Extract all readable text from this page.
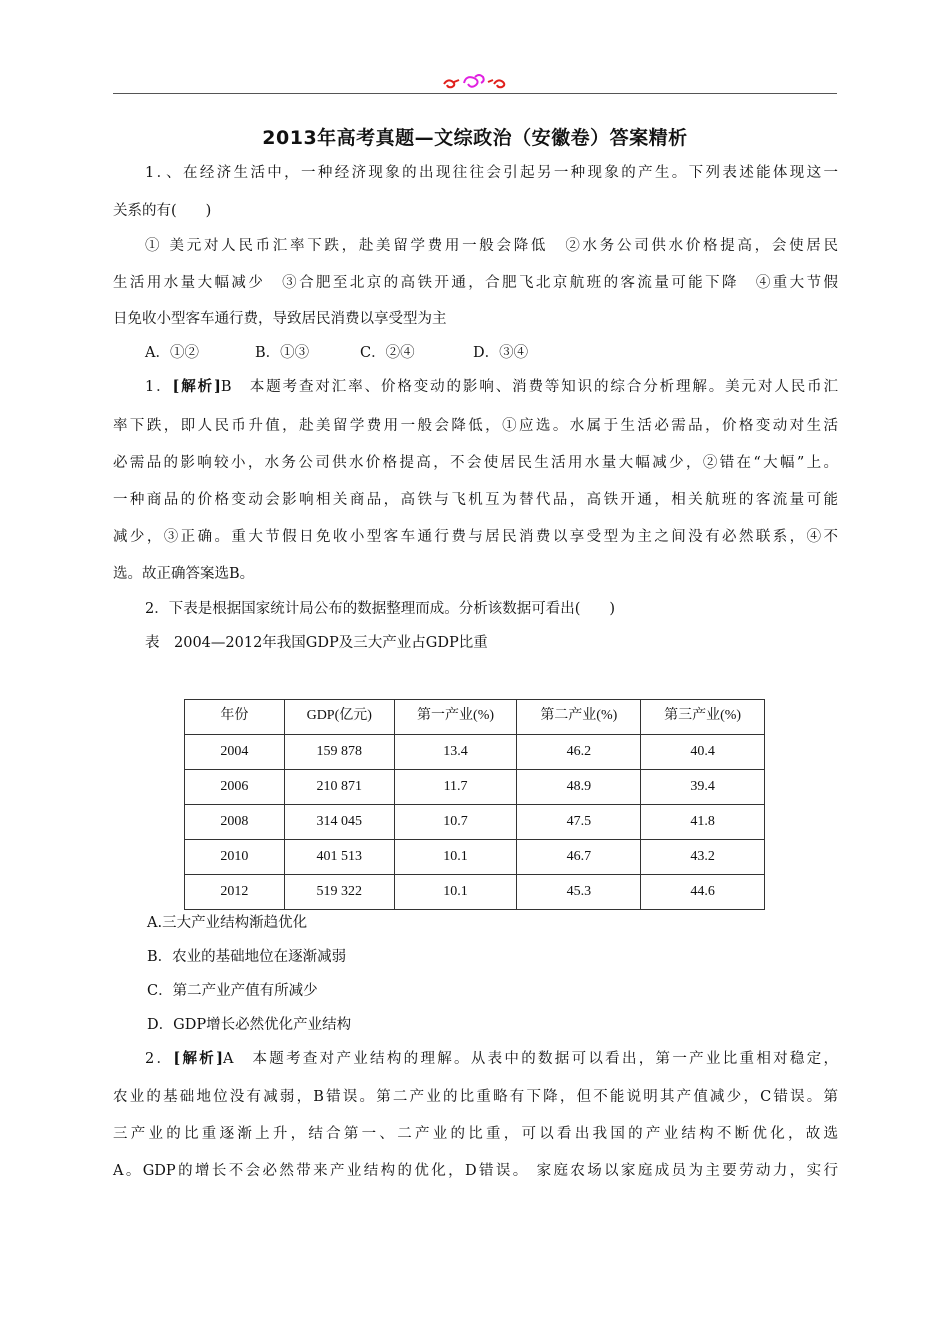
2013年高考真题—文综政治（安徽卷）答案精析
1．、在经济生活中，一种经济现象的出现往往会引起另一种现象的产生。下列表述能体现这一
关系的有(　　)
① 美元对人民币汇率下跌，赴美留学费用一般会降低　②水务公司供水价格提高，会使居民
生活用水量大幅减少　③合肥至北京的高铁开通，合肥飞北京航班的客流量可能下降　④重大节假
日免收小型客车通行费，导致居民消费以享受型为主
A．①②	B．①③	C．②④	D．③④
1．[解析]B　本题考查对汇率、价格变动的影响、消费等知识的综合分析理解。美元对人民币汇
率下跌，即人民币升值，赴美留学费用一般会降低，①应选。水属于生活必需品，价格变动对生活
必需品的影响较小，水务公司供水价格提高，不会使居民生活用水量大幅减少，②错在“大幅”上。
一种商品的价格变动会影响相关商品，高铁与飞机互为替代品，高铁开通，相关航班的客流量可能
减少，③正确。重大节假日免收小型客车通行费与居民消费以享受型为主之间没有必然联系，④不
选。故正确答案选B。
2．下表是根据国家统计局公布的数据整理而成。分析该数据可看出(　　)
表　2004—2012年我国GDP及三大产业占GDP比重
年份	GDP(亿元)	第一产业(%)	第二产业(%)	第三产业(%)
2004	159 878	13.4	46.2	40.4
2006	210 871	11.7	48.9	39.4
2008	314 045	10.7	47.5	41.8
2010	401 513	10.1	46.7	43.2
2012	519 322	10.1	45.3	44.6
A.三大产业结构渐趋优化
B．农业的基础地位在逐渐减弱
C．第二产业产值有所减少
D．GDP增长必然优化产业结构
2．[解析]A　本题考查对产业结构的理解。从表中的数据可以看出，第一产业比重相对稳定，
农业的基础地位没有减弱，B错误。第二产业的比重略有下降，但不能说明其产值减少，C错误。第
三产业的比重逐渐上升，结合第一、二产业的比重，可以看出我国的产业结构不断优化，故选
A。GDP的增长不会必然带来产业结构的优化，D错误。 家庭农场以家庭成员为主要劳动力，实行
